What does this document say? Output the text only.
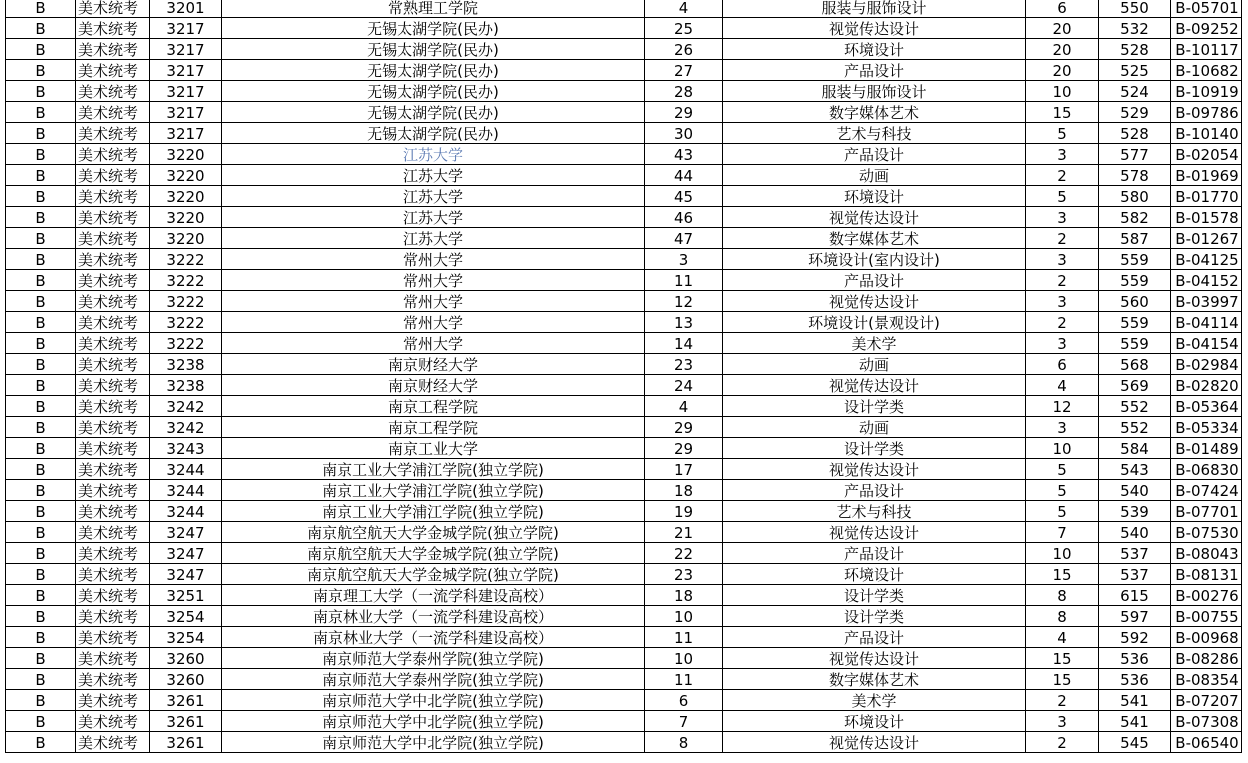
B	美术统考	3201	常熟理工学院	4	服装与服饰设计	6	550	B-05701
B	美术统考	3217	无锡太湖学院(民办)	25	视觉传达设计	20	532	B-09252
B	美术统考	3217	无锡太湖学院(民办)	26	环境设计	20	528	B-10117
B	美术统考	3217	无锡太湖学院(民办)	27	产品设计	20	525	B-10682
B	美术统考	3217	无锡太湖学院(民办)	28	服装与服饰设计	10	524	B-10919
B	美术统考	3217	无锡太湖学院(民办)	29	数字媒体艺术	15	529	B-09786
B	美术统考	3217	无锡太湖学院(民办)	30	艺术与科技	5	528	B-10140
B	美术统考	3220	江苏大学	43	产品设计	3	577	B-02054
B	美术统考	3220	江苏大学	44	动画	2	578	B-01969
B	美术统考	3220	江苏大学	45	环境设计	5	580	B-01770
B	美术统考	3220	江苏大学	46	视觉传达设计	3	582	B-01578
B	美术统考	3220	江苏大学	47	数字媒体艺术	2	587	B-01267
B	美术统考	3222	常州大学	3	环境设计(室内设计)	3	559	B-04125
B	美术统考	3222	常州大学	11	产品设计	2	559	B-04152
B	美术统考	3222	常州大学	12	视觉传达设计	3	560	B-03997
B	美术统考	3222	常州大学	13	环境设计(景观设计)	2	559	B-04114
B	美术统考	3222	常州大学	14	美术学	3	559	B-04154
B	美术统考	3238	南京财经大学	23	动画	6	568	B-02984
B	美术统考	3238	南京财经大学	24	视觉传达设计	4	569	B-02820
B	美术统考	3242	南京工程学院	4	设计学类	12	552	B-05364
B	美术统考	3242	南京工程学院	29	动画	3	552	B-05334
B	美术统考	3243	南京工业大学	29	设计学类	10	584	B-01489
B	美术统考	3244	南京工业大学浦江学院(独立学院)	17	视觉传达设计	5	543	B-06830
B	美术统考	3244	南京工业大学浦江学院(独立学院)	18	产品设计	5	540	B-07424
B	美术统考	3244	南京工业大学浦江学院(独立学院)	19	艺术与科技	5	539	B-07701
B	美术统考	3247	南京航空航天大学金城学院(独立学院)	21	视觉传达设计	7	540	B-07530
B	美术统考	3247	南京航空航天大学金城学院(独立学院)	22	产品设计	10	537	B-08043
B	美术统考	3247	南京航空航天大学金城学院(独立学院)	23	环境设计	15	537	B-08131
B	美术统考	3251	南京理工大学（一流学科建设高校）	18	设计学类	8	615	B-00276
B	美术统考	3254	南京林业大学（一流学科建设高校）	10	设计学类	8	597	B-00755
B	美术统考	3254	南京林业大学（一流学科建设高校）	11	产品设计	4	592	B-00968
B	美术统考	3260	南京师范大学泰州学院(独立学院)	10	视觉传达设计	15	536	B-08286
B	美术统考	3260	南京师范大学泰州学院(独立学院)	11	数字媒体艺术	15	536	B-08354
B	美术统考	3261	南京师范大学中北学院(独立学院)	6	美术学	2	541	B-07207
B	美术统考	3261	南京师范大学中北学院(独立学院)	7	环境设计	3	541	B-07308
B	美术统考	3261	南京师范大学中北学院(独立学院)	8	视觉传达设计	2	545	B-06540
